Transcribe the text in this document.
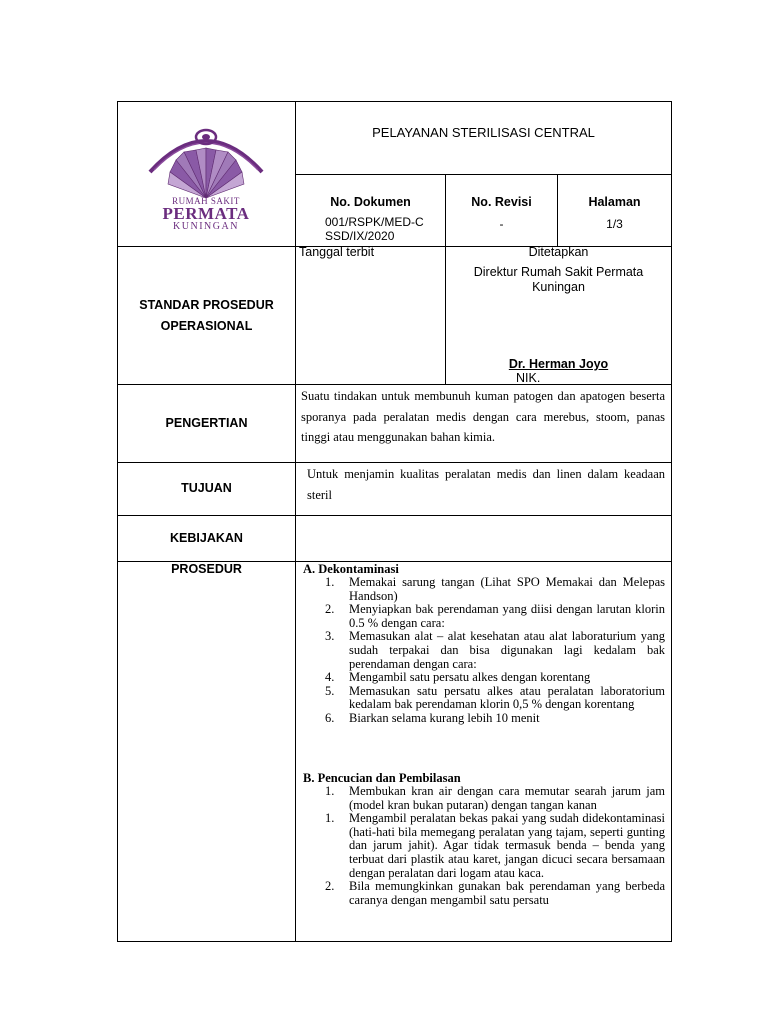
RUMAH SAKIT
PERMATA
KUNINGAN
PELAYANAN STERILISASI CENTRAL
No. Dokumen
001/RSPK/MED-CSSD/IX/2020
No. Revisi
-
Halaman
1/3
STANDAR PROSEDUR
OPERASIONAL
Tanggal terbit	Ditetapkan
Direktur Rumah Sakit Permata Kuningan
Dr. Herman Joyo
NIK.
PENGERTIAN
Suatu tindakan untuk membunuh kuman patogen dan apatogen beserta sporanya pada peralatan medis dengan cara merebus, stoom, panas tinggi atau menggunakan bahan kimia.
TUJUAN
Untuk menjamin kualitas peralatan medis dan linen dalam keadaan steril
KEBIJAKAN
PROSEDUR	A. Dekontaminasi
1. Memakai sarung tangan (Lihat SPO Memakai dan Melepas Handson)
2. Menyiapkan bak perendaman yang diisi dengan larutan klorin 0.5 % dengan cara:
3. Memasukan alat – alat kesehatan atau alat laboraturium yang sudah terpakai dan bisa digunakan lagi kedalam bak perendaman dengan cara:
4. Mengambil satu persatu alkes dengan korentang
5. Memasukan satu persatu alkes atau peralatan laboratorium kedalam bak perendaman klorin 0,5 % dengan korentang
6. Biarkan selama kurang lebih 10 menit
B. Pencucian dan Pembilasan
1. Membukan kran air dengan cara memutar searah jarum jam (model kran bukan putaran) dengan tangan kanan
1. Mengambil peralatan bekas pakai yang sudah didekontaminasi (hati-hati bila memegang peralatan yang tajam, seperti gunting dan jarum jahit). Agar tidak termasuk benda – benda yang terbuat dari plastik atau karet, jangan dicuci secara bersamaan dengan peralatan dari logam atau kaca.
2. Bila memungkinkan gunakan bak perendaman yang berbeda caranya dengan mengambil satu persatu
